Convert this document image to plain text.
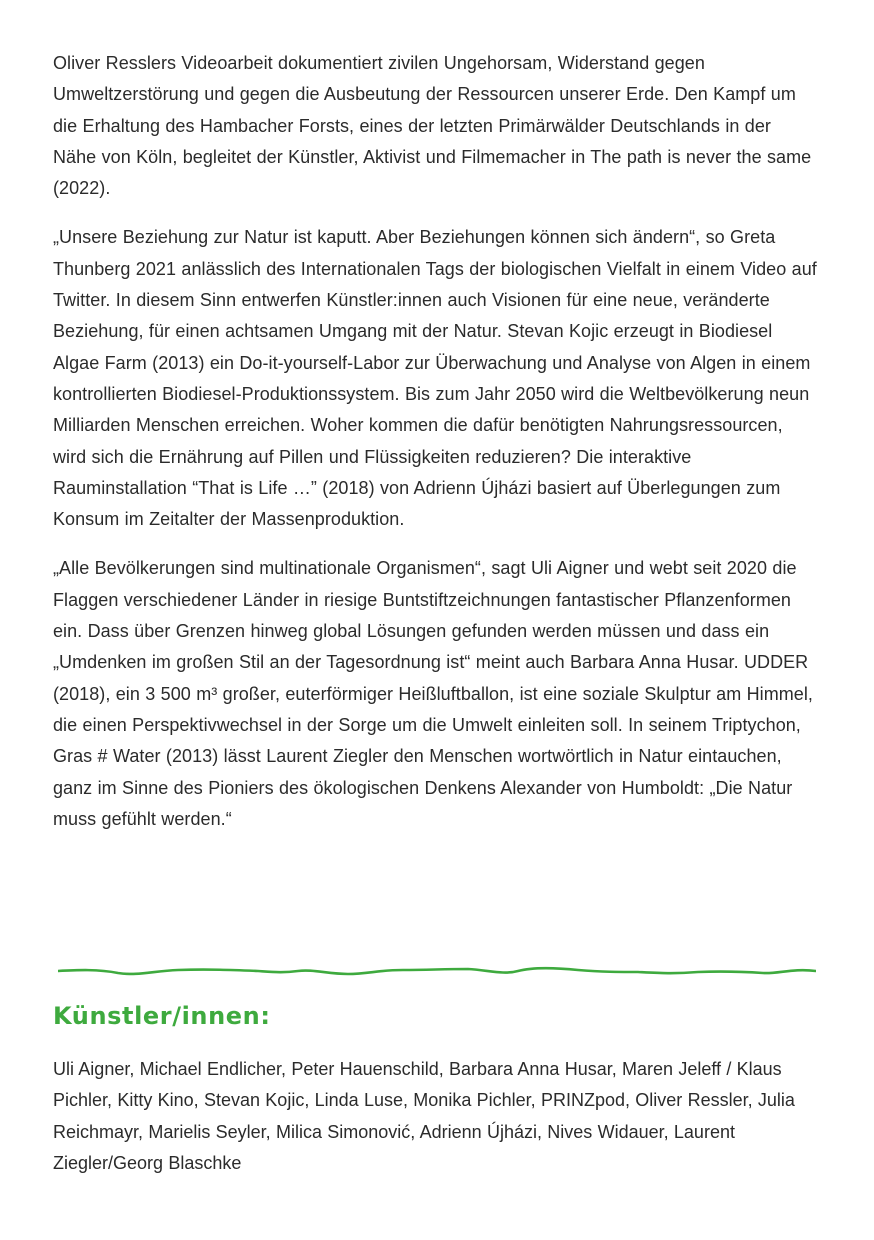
Oliver Resslers Videoarbeit dokumentiert zivilen Ungehorsam, Widerstand gegen Umweltzerstörung und gegen die Ausbeutung der Ressourcen unserer Erde. Den Kampf um die Erhaltung des Hambacher Forsts, eines der letzten Primärwälder Deutschlands in der Nähe von Köln, begleitet der Künstler, Aktivist und Filmemacher in The path is never the same (2022).

„Unsere Beziehung zur Natur ist kaputt. Aber Beziehungen können sich ändern“, so Greta Thunberg 2021 anlässlich des Internationalen Tags der biologischen Vielfalt in einem Video auf Twitter. In diesem Sinn entwerfen Künstler:innen auch Visionen für eine neue, veränderte Beziehung, für einen achtsamen Umgang mit der Natur. Stevan Kojic erzeugt in Biodiesel Algae Farm (2013) ein Do-it-yourself-Labor zur Überwachung und Analyse von Algen in einem kontrollierten Biodiesel-Produktionssystem. Bis zum Jahr 2050 wird die Weltbevölkerung neun Milliarden Menschen erreichen. Woher kommen die dafür benötigten Nahrungsressourcen, wird sich die Ernährung auf Pillen und Flüssigkeiten reduzieren? Die interaktive Rauminstallation “That is Life …” (2018) von Adrienn Újházi basiert auf Überlegungen zum Konsum im Zeitalter der Massenproduktion.

„Alle Bevölkerungen sind multinationale Organismen“, sagt Uli Aigner und webt seit 2020 die Flaggen verschiedener Länder in riesige Buntstiftzeichnungen fantastischer Pflanzenformen ein. Dass über Grenzen hinweg global Lösungen gefunden werden müssen und dass ein „Umdenken im großen Stil an der Tagesordnung ist“ meint auch Barbara Anna Husar. UDDER (2018), ein 3 500 m³ großer, euterförmiger Heißluftballon, ist eine soziale Skulptur am Himmel, die einen Perspektivwechsel in der Sorge um die Umwelt einleiten soll. In seinem Triptychon, Gras # Water (2013) lässt Laurent Ziegler den Menschen wortwörtlich in Natur eintauchen, ganz im Sinne des Pioniers des ökologischen Denkens Alexander von Humboldt: „Die Natur muss gefühlt werden.“

Künstler/innen:

Uli Aigner, Michael Endlicher, Peter Hauenschild, Barbara Anna Husar, Maren Jeleff / Klaus Pichler, Kitty Kino, Stevan Kojic, Linda Luse, Monika Pichler, PRINZpod, Oliver Ressler, Julia Reichmayr, Marielis Seyler, Milica Simonović, Adrienn Újházi, Nives Widauer, Laurent Ziegler/Georg Blaschke
